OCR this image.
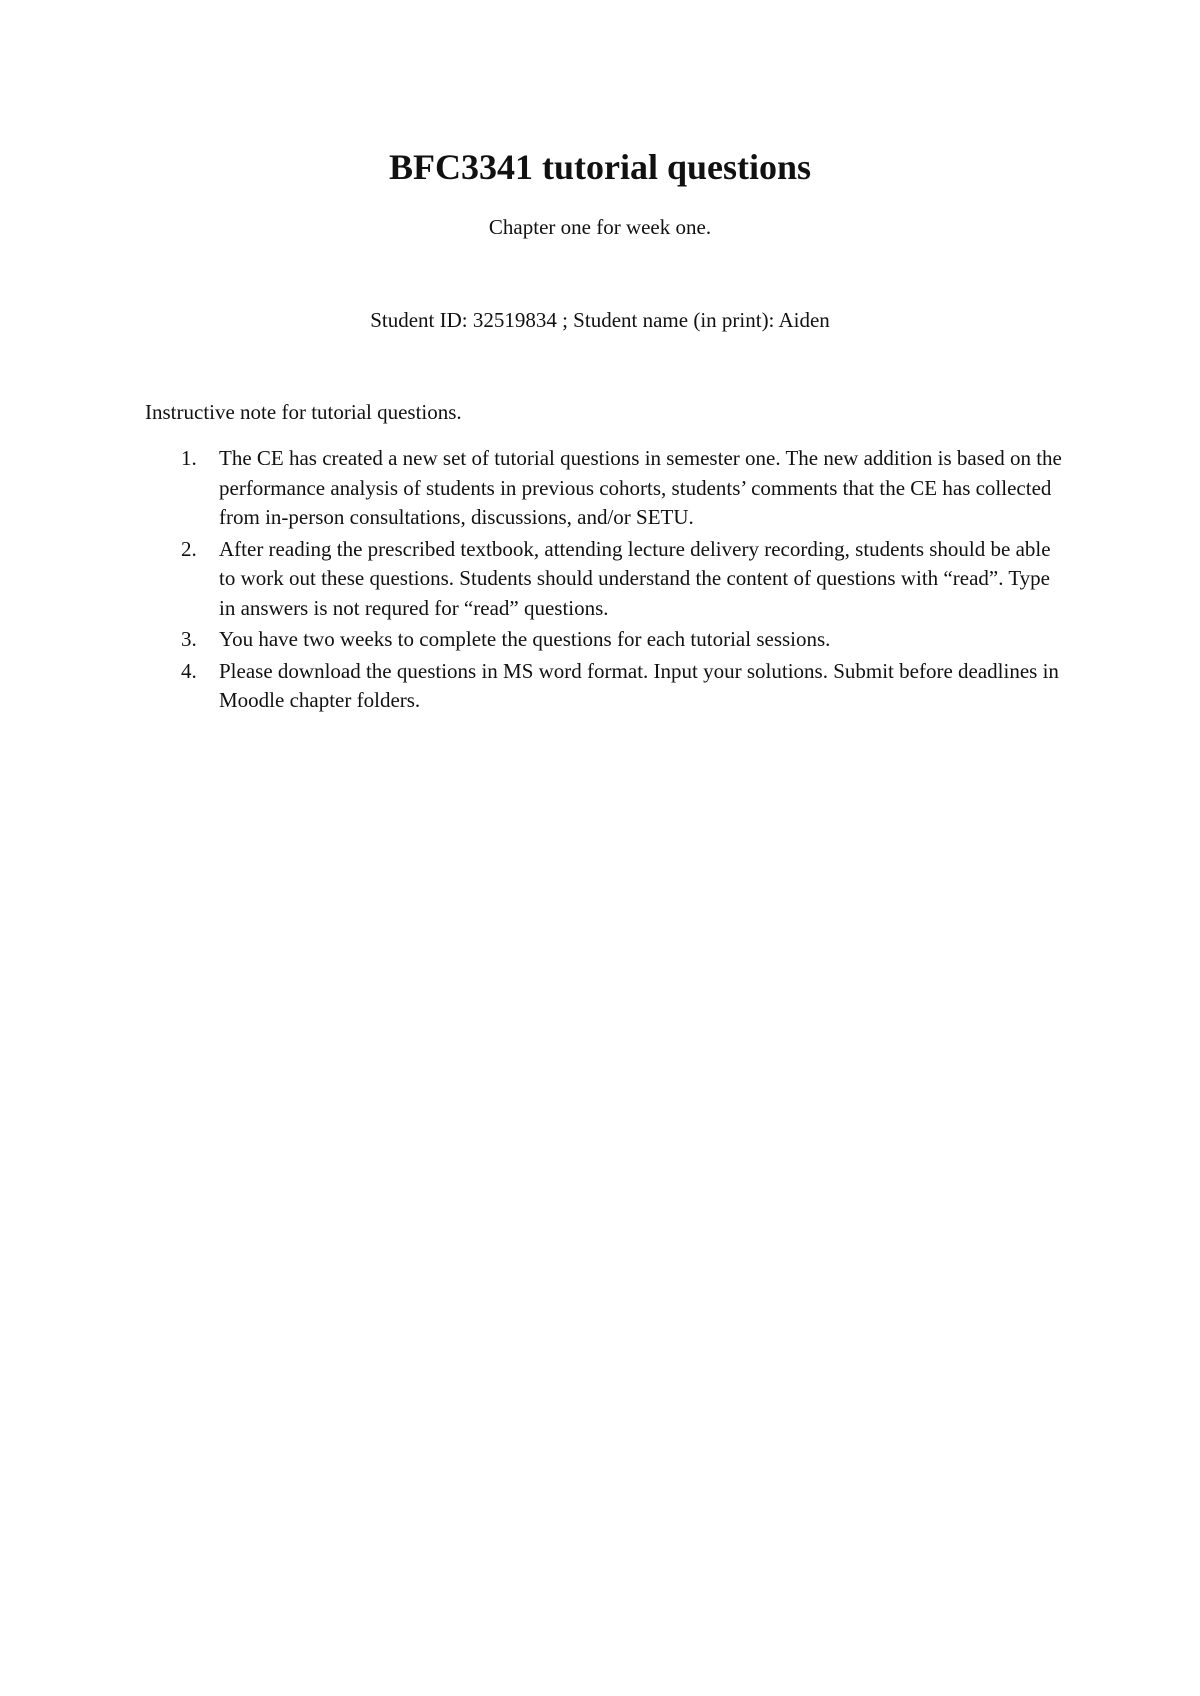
BFC3341 tutorial questions
Chapter one for week one.
Student ID: 32519834 ; Student name (in print): Aiden
Instructive note for tutorial questions.
1. The CE has created a new set of tutorial questions in semester one. The new addition is based on the performance analysis of students in previous cohorts, students’ comments that the CE has collected from in-person consultations, discussions, and/or SETU.
2. After reading the prescribed textbook, attending lecture delivery recording, students should be able to work out these questions. Students should understand the content of questions with “read”. Type in answers is not requred for “read” questions.
3. You have two weeks to complete the questions for each tutorial sessions.
4. Please download the questions in MS word format. Input your solutions. Submit before deadlines in Moodle chapter folders.
